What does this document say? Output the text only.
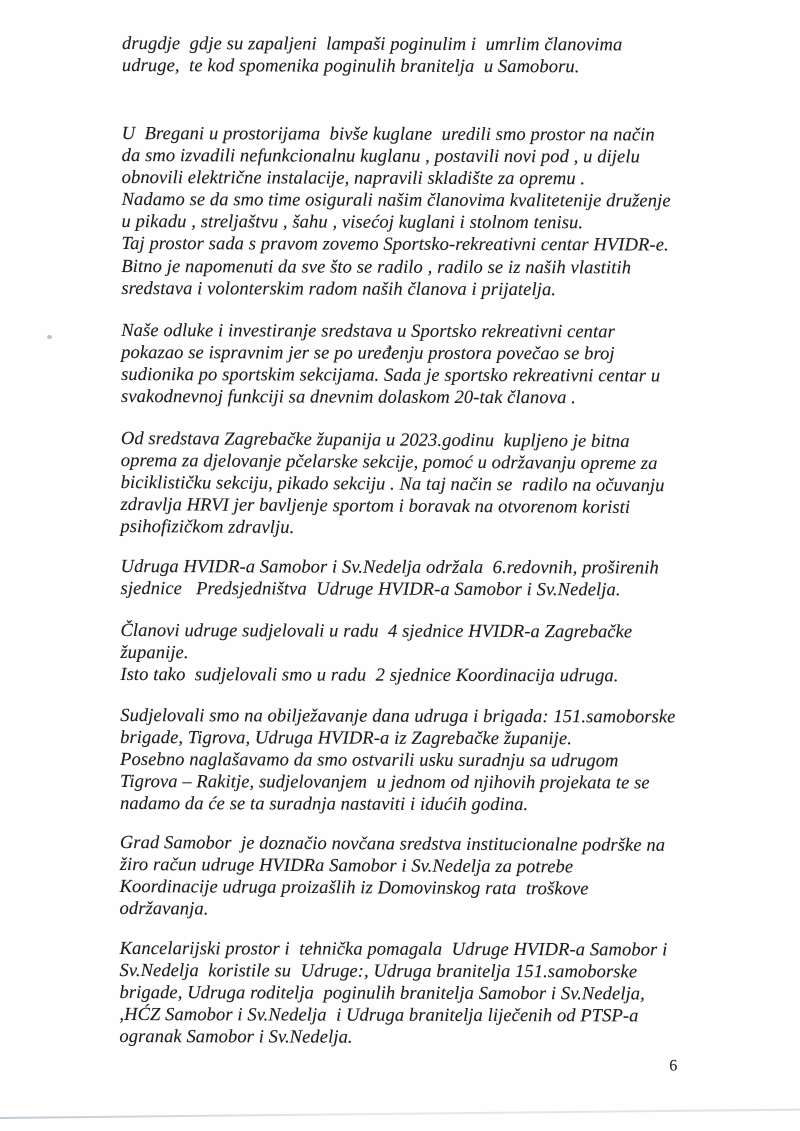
drugdje  gdje su zapaljeni  lampaši poginulim i  umrlim članovima
udruge,  te kod spomenika poginulih branitelja  u Samoboru.
U  Bregani u prostorijama  bivše kuglane  uredili smo prostor na način
da smo izvadili nefunkcionalnu kuglanu , postavili novi pod , u dijelu
obnovili električne instalacije, napravili skladište za opremu .
Nadamo se da smo time osigurali našim članovima kvalitetenije druženje
u pikadu , streljaštvu , šahu , visećoj kuglani i stolnom tenisu.
Taj prostor sada s pravom zovemo Sportsko-rekreativni centar HVIDR-e.
Bitno je napomenuti da sve što se radilo , radilo se iz naših vlastitih
sredstava i volonterskim radom naših članova i prijatelja.
Naše odluke i investiranje sredstava u Sportsko rekreativni centar
pokazao se ispravnim jer se po uređenju prostora povečao se broj
sudionika po sportskim sekcijama. Sada je sportsko rekreativni centar u
svakodnevnoj funkciji sa dnevnim dolaskom 20-tak članova .
Od sredstava Zagrebačke županija u 2023.godinu  kupljeno je bitna
oprema za djelovanje pčelarske sekcije, pomoć u održavanju opreme za
biciklističku sekciju, pikado sekciju . Na taj način se  radilo na očuvanju
zdravlja HRVI jer bavljenje sportom i boravak na otvorenom koristi
psihofizičkom zdravlju.
Udruga HVIDR-a Samobor i Sv.Nedelja održala  6.redovnih, proširenih
sjednice   Predsjedništva  Udruge HVIDR-a Samobor i Sv.Nedelja.
Članovi udruge sudjelovali u radu  4 sjednice HVIDR-a Zagrebačke
županije.
Isto tako  sudjelovali smo u radu  2 sjednice Koordinacija udruga.
Sudjelovali smo na obilježavanje dana udruga i brigada: 151.samoborske
brigade, Tigrova, Udruga HVIDR-a iz Zagrebačke županije.
Posebno naglašavamo da smo ostvarili usku suradnju sa udrugom
Tigrova – Rakitje, sudjelovanjem  u jednom od njihovih projekata te se
nadamo da će se ta suradnja nastaviti i idućih godina.
Grad Samobor  je doznačio novčana sredstva institucionalne podrške na
žiro račun udruge HVIDRa Samobor i Sv.Nedelja za potrebe
Koordinacije udruga proizašlih iz Domovinskog rata  troškove
održavanja.
Kancelarijski prostor i  tehnička pomagala  Udruge HVIDR-a Samobor i
Sv.Nedelja  koristile su  Udruge:, Udruga branitelja 151.samoborske
brigade, Udruga roditelja  poginulih branitelja Samobor i Sv.Nedelja,
,HĆZ Samobor i Sv.Nedelja  i Udruga branitelja liječenih od PTSP-a
ogranak Samobor i Sv.Nedelja.
6
